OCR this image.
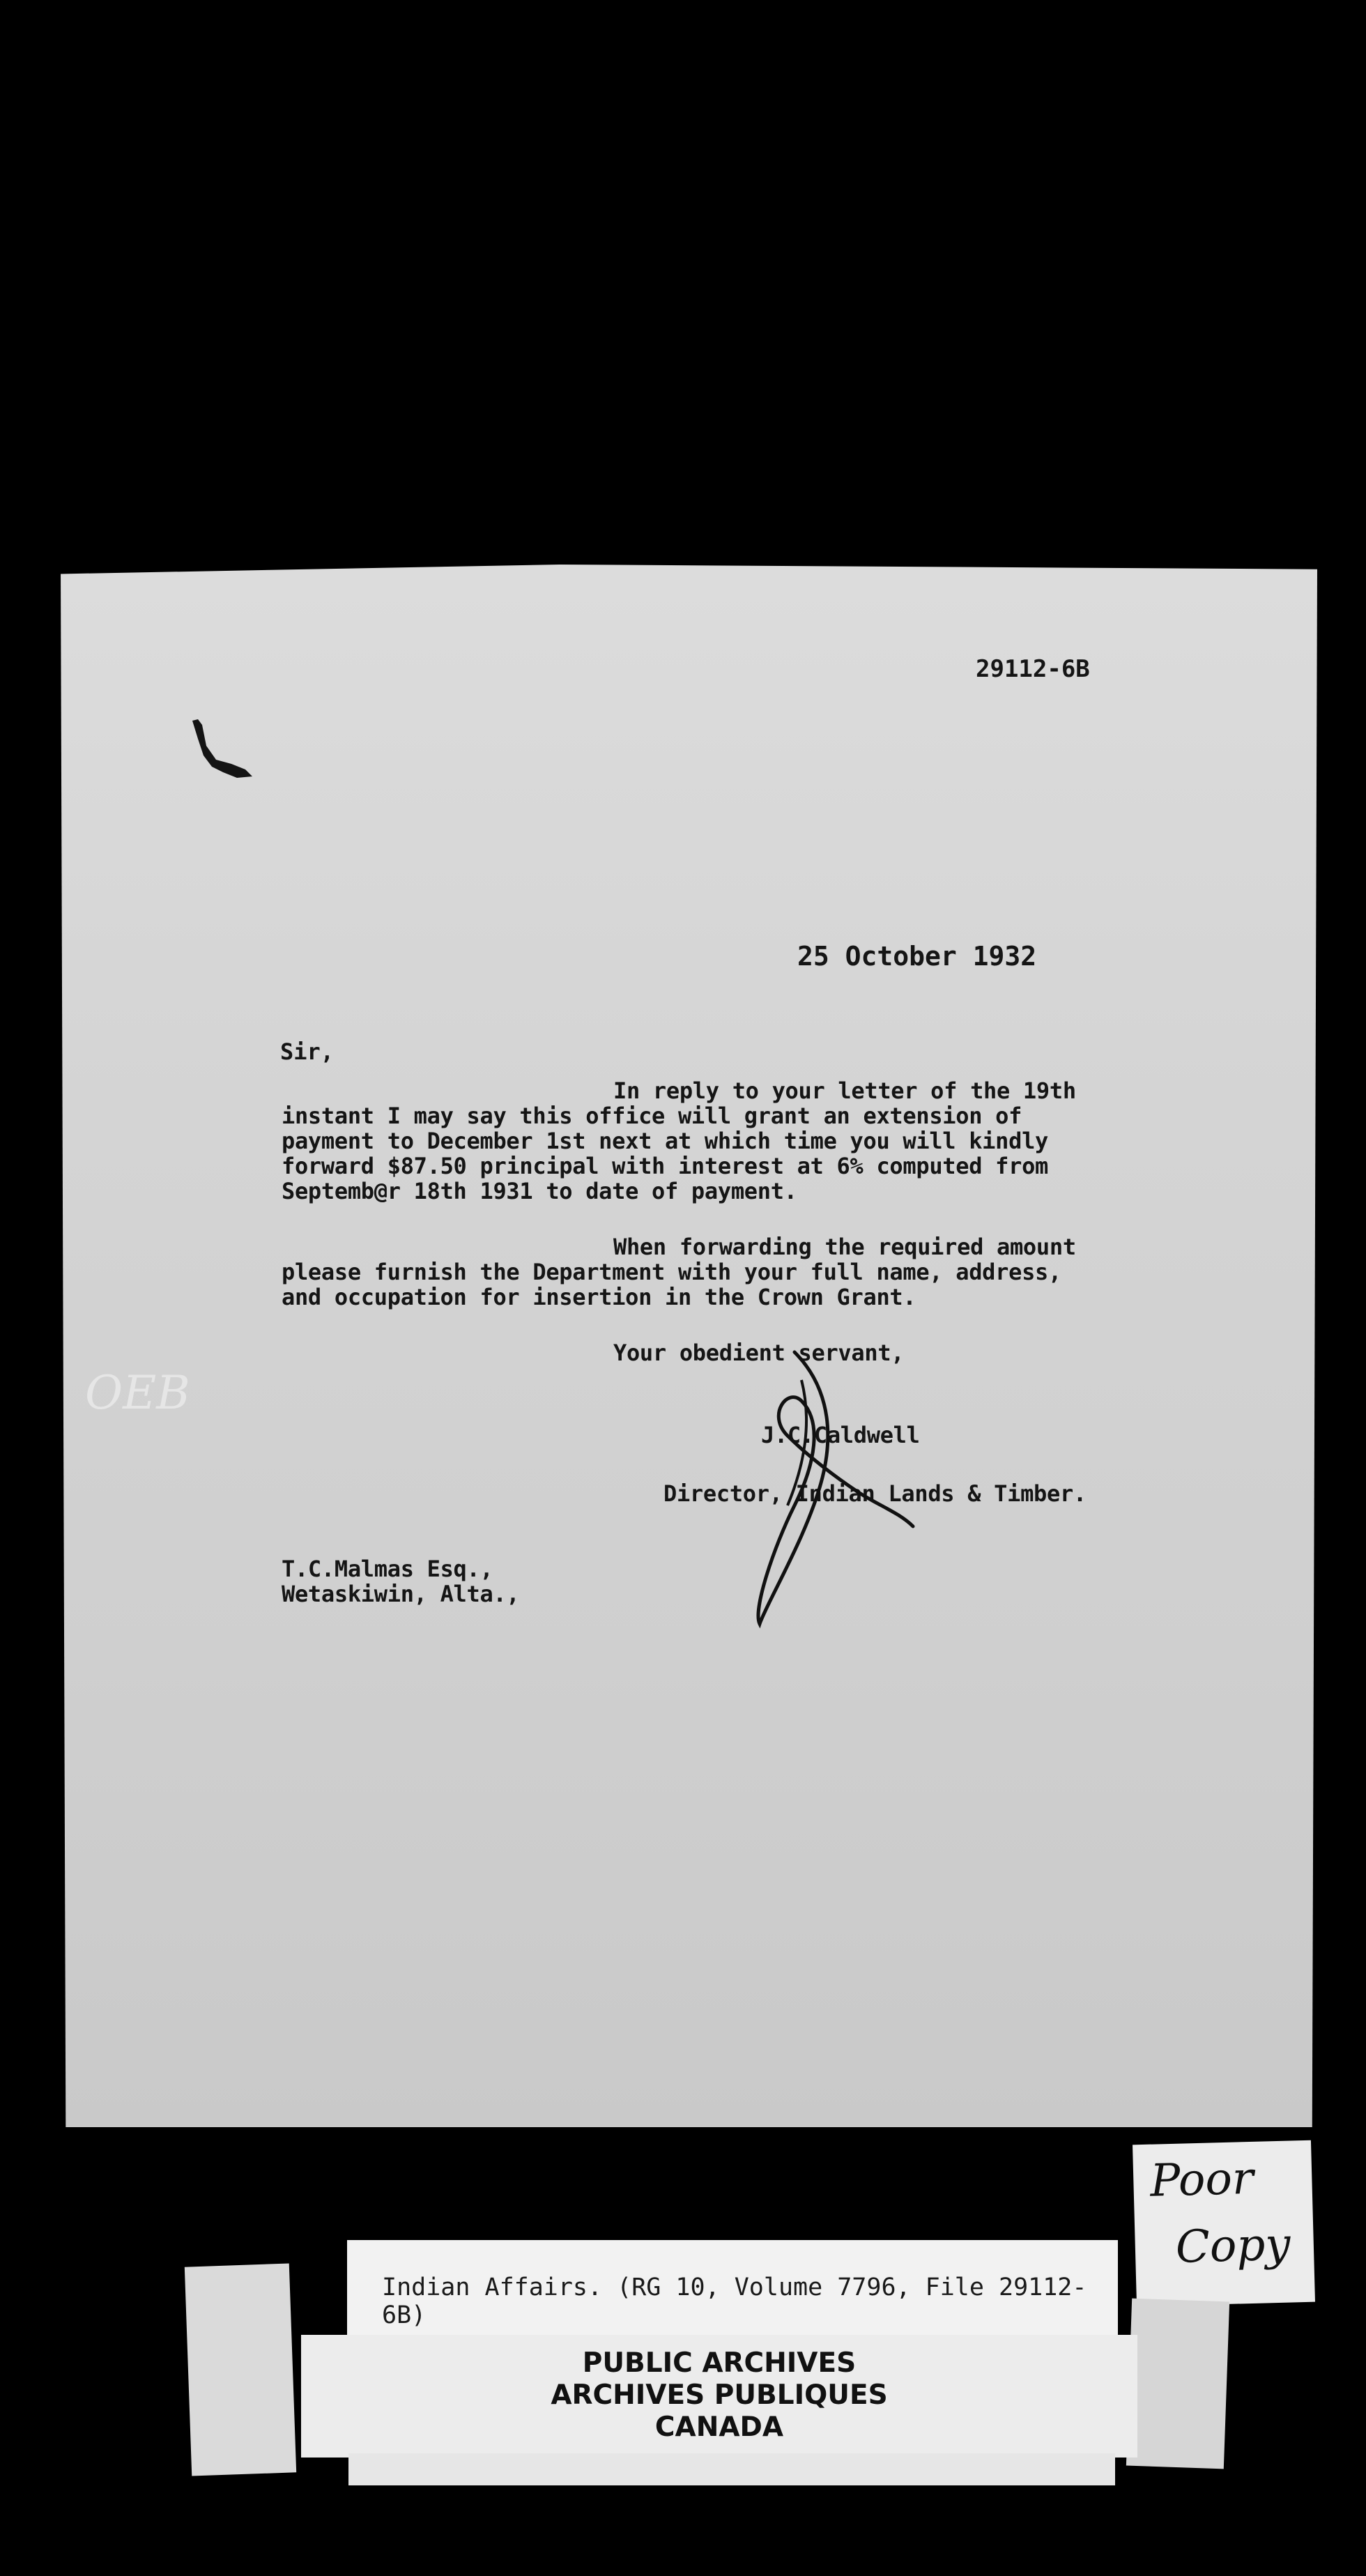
29112-6B
25 October 1932
Sir,
In reply to your letter of the 19th
instant I may say this office will grant an extension of
payment to December 1st next at which time you will kindly
forward $87.50 principal with interest at 6% computed from
Septemb@r 18th 1931 to date of payment.
When forwarding the required amount
please furnish the Department with your full name, address,
and occupation for insertion in the Crown Grant.
Your obedient servant,
J.C.Caldwell
Director, Indian Lands & Timber.
T.C.Malmas Esq.,
Wetaskiwin, Alta.,
OEB
Poor
Copy
Indian Affairs. (RG 10, Volume 7796, File 29112-6B)
PUBLIC ARCHIVES
ARCHIVES PUBLIQUES
CANADA
